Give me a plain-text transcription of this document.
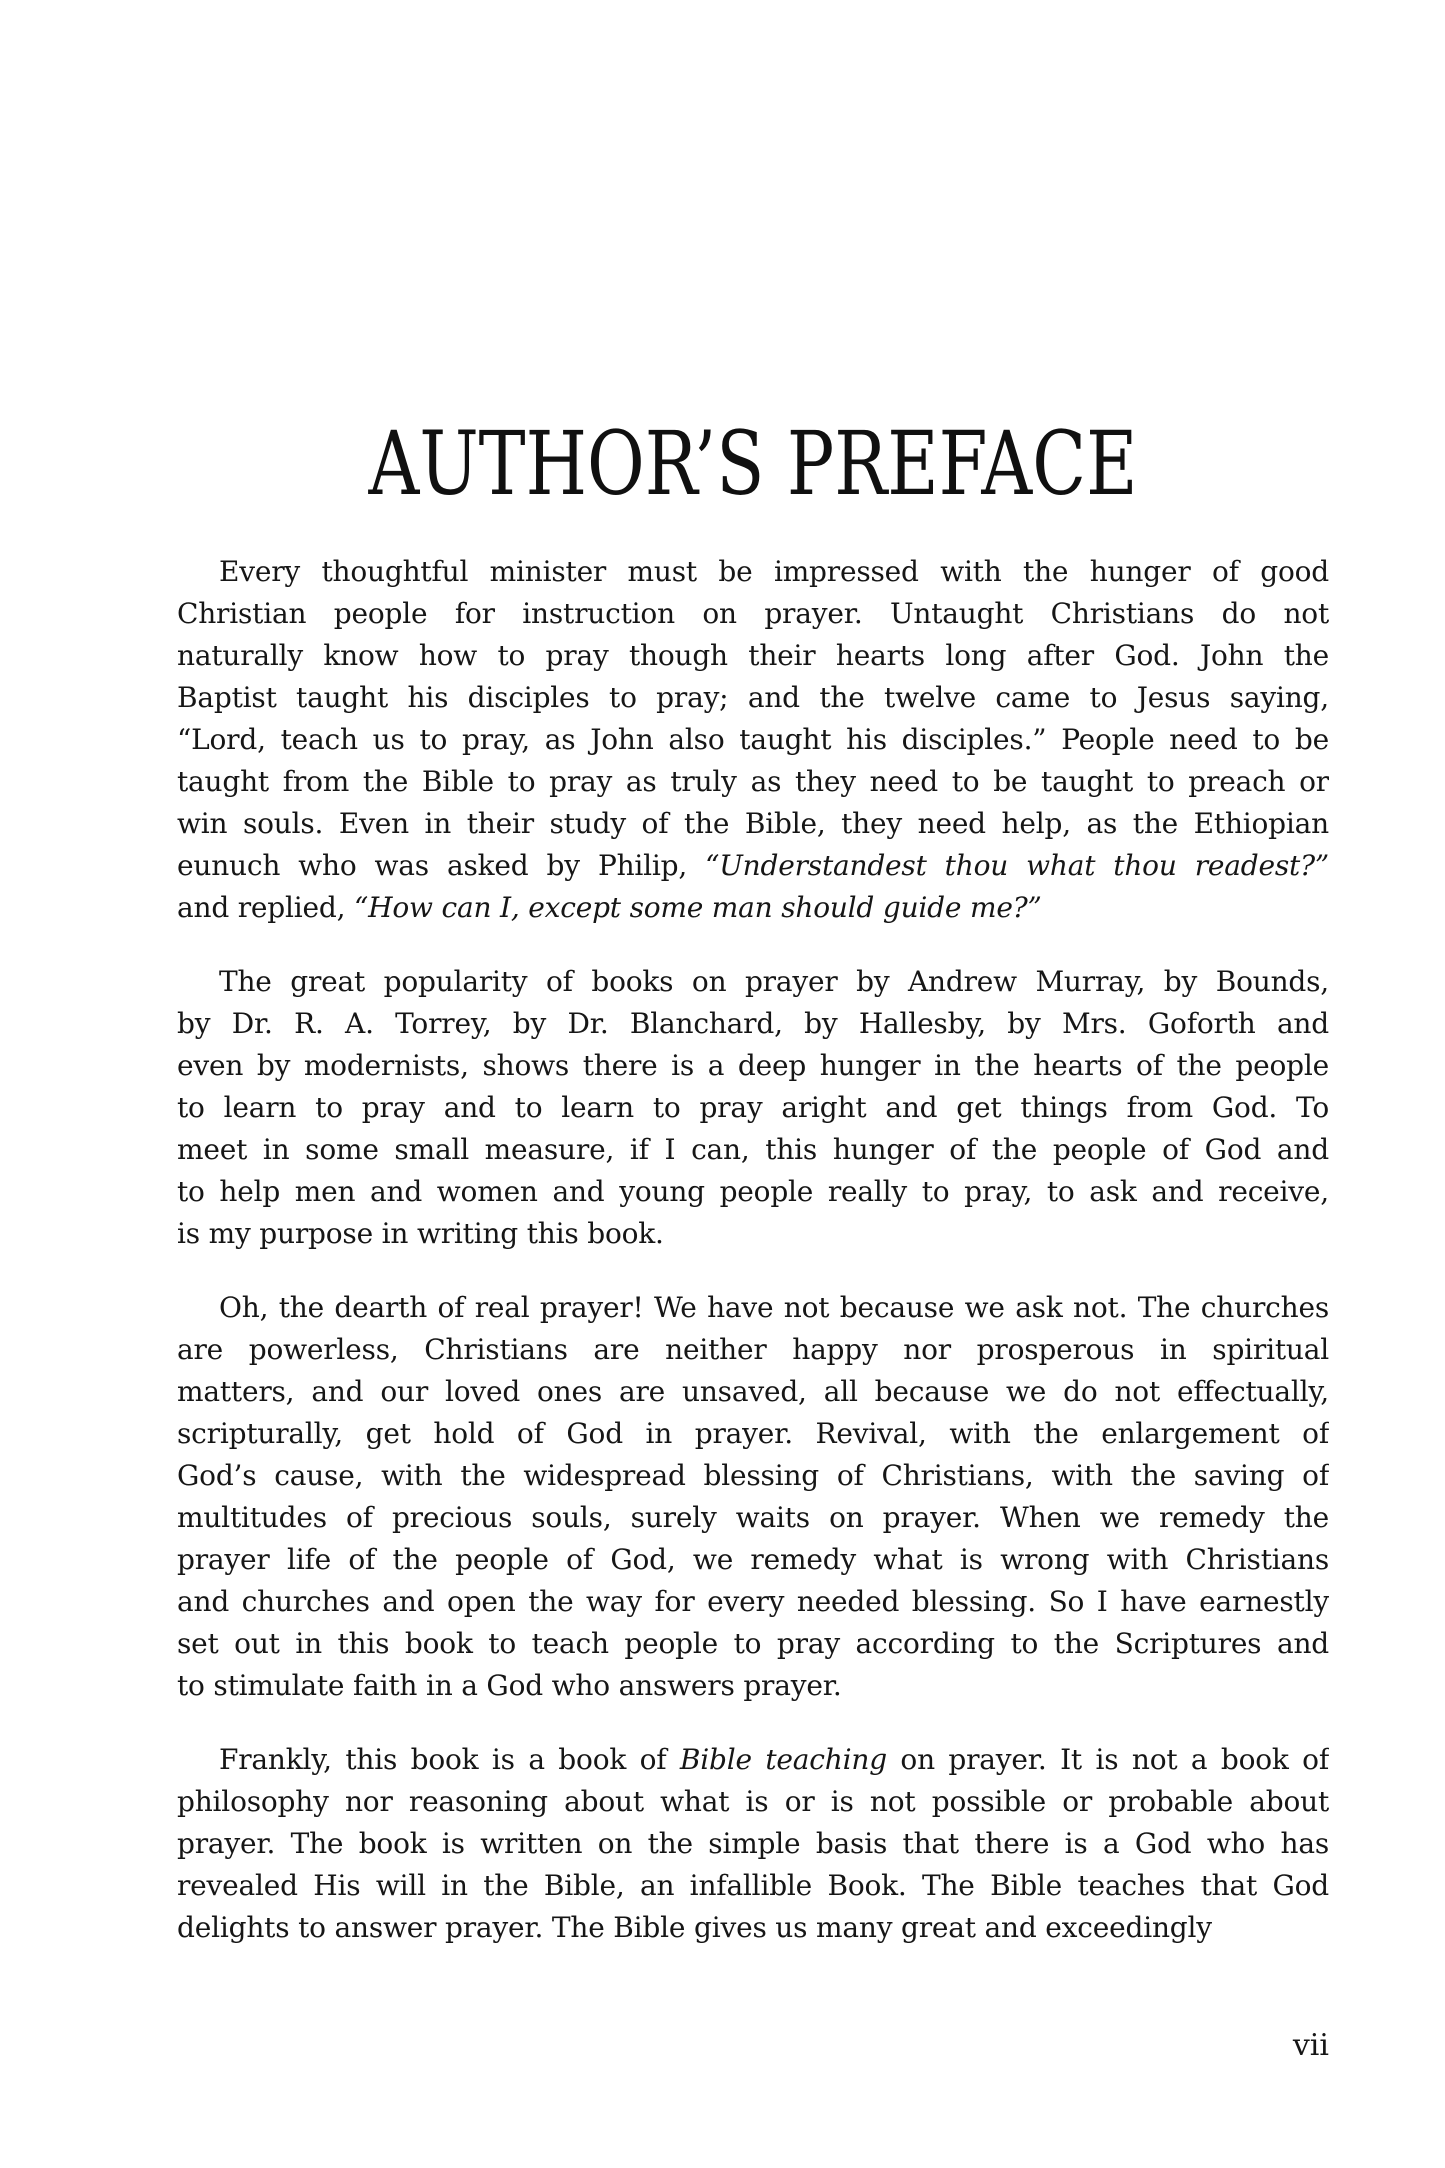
AUTHOR’S PREFACE
Every thoughtful minister must be impressed with the hunger of good
Christian people for instruction on prayer. Untaught Christians do not
naturally know how to pray though their hearts long after God. John the
Baptist taught his disciples to pray; and the twelve came to Jesus saying,
“Lord, teach us to pray, as John also taught his disciples.” People need to be
taught from the Bible to pray as truly as they need to be taught to preach or
win souls. Even in their study of the Bible, they need help, as the Ethiopian
eunuch who was asked by Philip, “Understandest thou what thou readest?”
and replied, “How can I, except some man should guide me?”
The great popularity of books on prayer by Andrew Murray, by Bounds,
by Dr. R. A. Torrey, by Dr. Blanchard, by Hallesby, by Mrs. Goforth and
even by modernists, shows there is a deep hunger in the hearts of the people
to learn to pray and to learn to pray aright and get things from God. To
meet in some small measure, if I can, this hunger of the people of God and
to help men and women and young people really to pray, to ask and receive,
is my purpose in writing this book.
Oh, the dearth of real prayer! We have not because we ask not. The churches
are powerless, Christians are neither happy nor prosperous in spiritual
matters, and our loved ones are unsaved, all because we do not effectually,
scripturally, get hold of God in prayer. Revival, with the enlargement of
God’s cause, with the widespread blessing of Christians, with the saving of
multitudes of precious souls, surely waits on prayer. When we remedy the
prayer life of the people of God, we remedy what is wrong with Christians
and churches and open the way for every needed blessing. So I have earnestly
set out in this book to teach people to pray according to the Scriptures and
to stimulate faith in a God who answers prayer.
Frankly, this book is a book of Bible teaching on prayer. It is not a book of
philosophy nor reasoning about what is or is not possible or probable about
prayer. The book is written on the simple basis that there is a God who has
revealed His will in the Bible, an infallible Book. The Bible teaches that God
delights to answer prayer. The Bible gives us many great and exceedingly
vii
